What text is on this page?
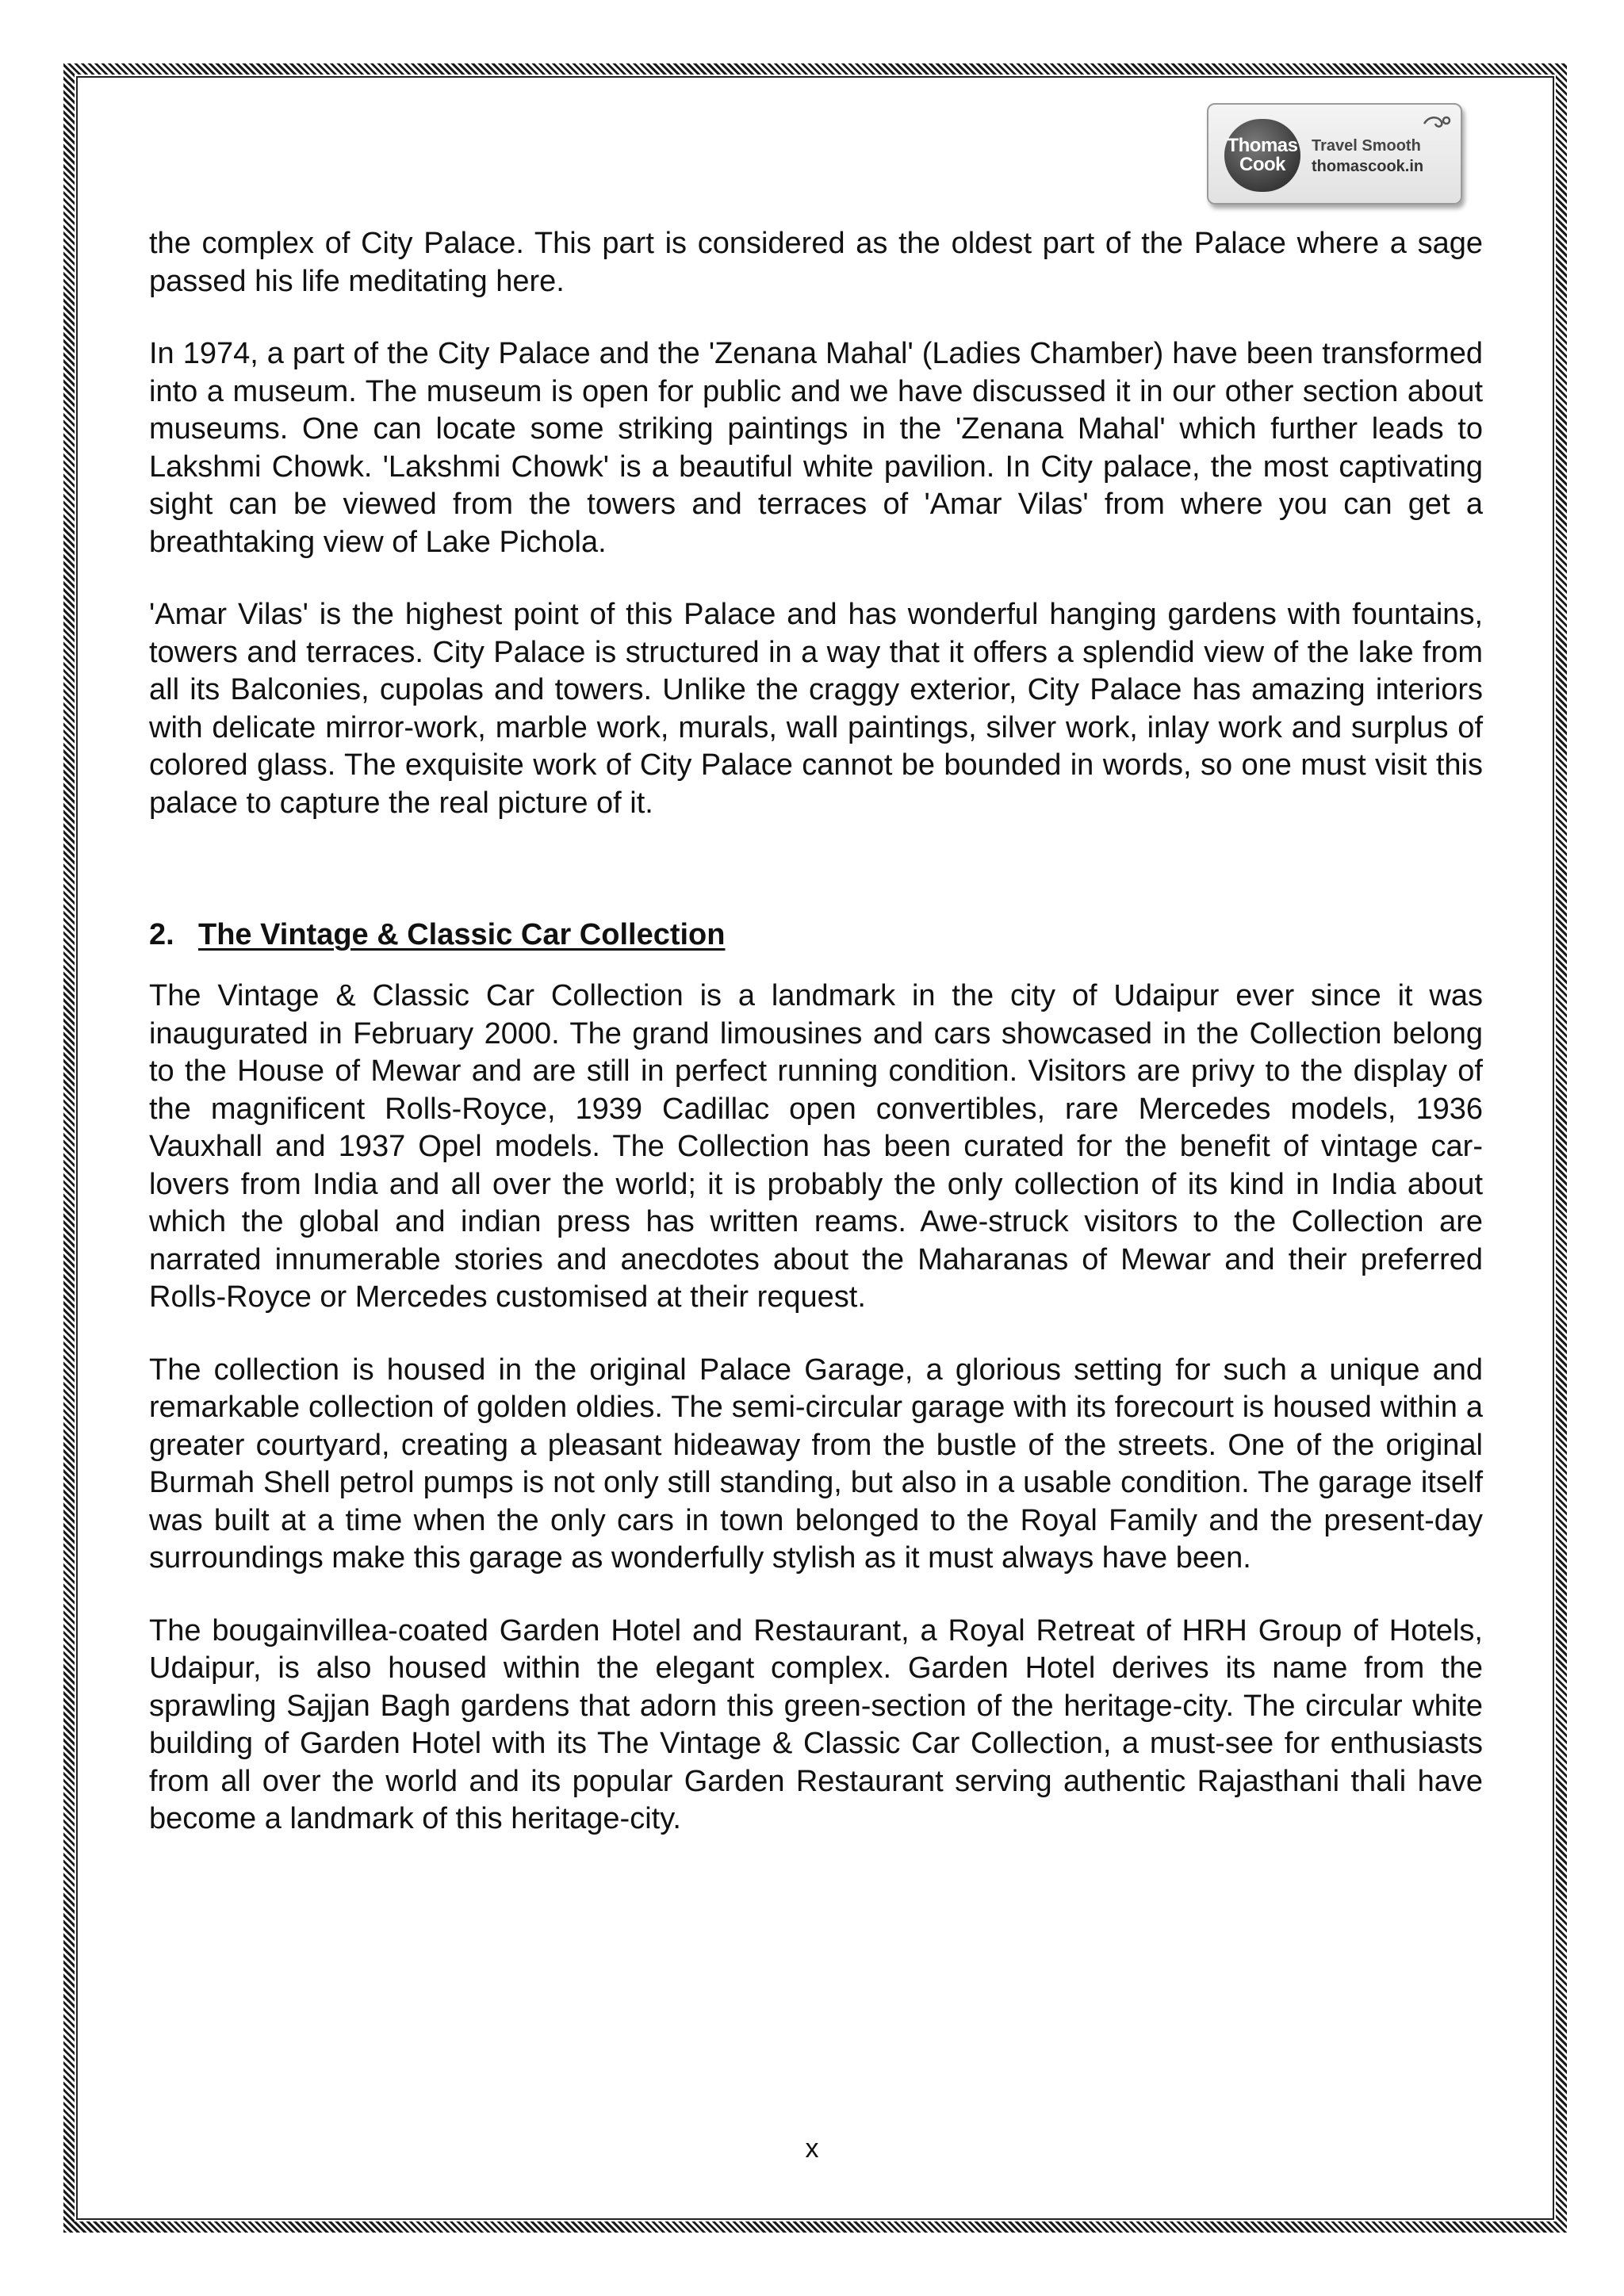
Thomas
Cook
Travel Smooth
thomascook.in

the complex of City Palace. This part is considered as the oldest part of the Palace where a sage passed his life meditating here.

In 1974, a part of the City Palace and the 'Zenana Mahal' (Ladies Chamber) have been transformed into a museum. The museum is open for public and we have discussed it in our other section about museums. One can locate some striking paintings in the 'Zenana Mahal' which further leads to Lakshmi Chowk. 'Lakshmi Chowk' is a beautiful white pavilion. In City palace, the most captivating sight can be viewed from the towers and terraces of 'Amar Vilas' from where you can get a breathtaking view of Lake Pichola.

'Amar Vilas' is the highest point of this Palace and has wonderful hanging gardens with fountains, towers and terraces. City Palace is structured in a way that it offers a splendid view of the lake from all its Balconies, cupolas and towers. Unlike the craggy exterior, City Palace has amazing interiors with delicate mirror-work, marble work, murals, wall paintings, silver work, inlay work and surplus of colored glass. The exquisite work of City Palace cannot be bounded in words, so one must visit this palace to capture the real picture of it.

2. The Vintage & Classic Car Collection

The Vintage & Classic Car Collection is a landmark in the city of Udaipur ever since it was inaugurated in February 2000. The grand limousines and cars showcased in the Collection belong to the House of Mewar and are still in perfect running condition. Visitors are privy to the display of the magnificent Rolls-Royce, 1939 Cadillac open convertibles, rare Mercedes models, 1936 Vauxhall and 1937 Opel models. The Collection has been curated for the benefit of vintage car-lovers from India and all over the world; it is probably the only collection of its kind in India about which the global and indian press has written reams. Awe-struck visitors to the Collection are narrated innumerable stories and anecdotes about the Maharanas of Mewar and their preferred Rolls-Royce or Mercedes customised at their request.

The collection is housed in the original Palace Garage, a glorious setting for such a unique and remarkable collection of golden oldies. The semi-circular garage with its forecourt is housed within a greater courtyard, creating a pleasant hideaway from the bustle of the streets. One of the original Burmah Shell petrol pumps is not only still standing, but also in a usable condition. The garage itself was built at a time when the only cars in town belonged to the Royal Family and the present-day surroundings make this garage as wonderfully stylish as it must always have been.

The bougainvillea-coated Garden Hotel and Restaurant, a Royal Retreat of HRH Group of Hotels, Udaipur, is also housed within the elegant complex. Garden Hotel derives its name from the sprawling Sajjan Bagh gardens that adorn this green-section of the heritage-city. The circular white building of Garden Hotel with its The Vintage & Classic Car Collection, a must-see for enthusiasts from all over the world and its popular Garden Restaurant serving authentic Rajasthani thali have become a landmark of this heritage-city.

x
